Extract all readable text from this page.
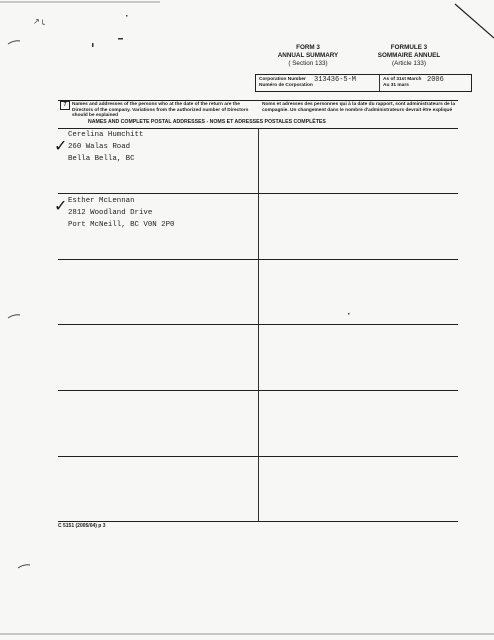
↗ ╰
FORM 3
ANNUAL SUMMARY
( Section 133)
FORMULE 3
SOMMAIRE ANNUEL
(Article 133)
Corporation Number
Numéro de Corporation
313436-5-M	As of 31st March
Au 31 mars
2006
7	Names and addresses of the persons who at the date of the return are the Directors of the company. Variations from the authorized number of Directors should be explained
Noms et adresses des personnes qui à la date du rapport, sont administrateurs de la compagnie. Un changement dans le nombre d'administrateurs devrait être expliqué
NAMES AND COMPLETE POSTAL ADDRESSES - NOMS ET ADRESSES POSTALES COMPLÈTES
✓
Cerelina Humchitt
260 Walas Road
Bella Bella, BC
✓ Esther McLennan
2812 Woodland Drive
Port McNeill, BC V0N 2P0
C 5151 (2005/04) p 3
